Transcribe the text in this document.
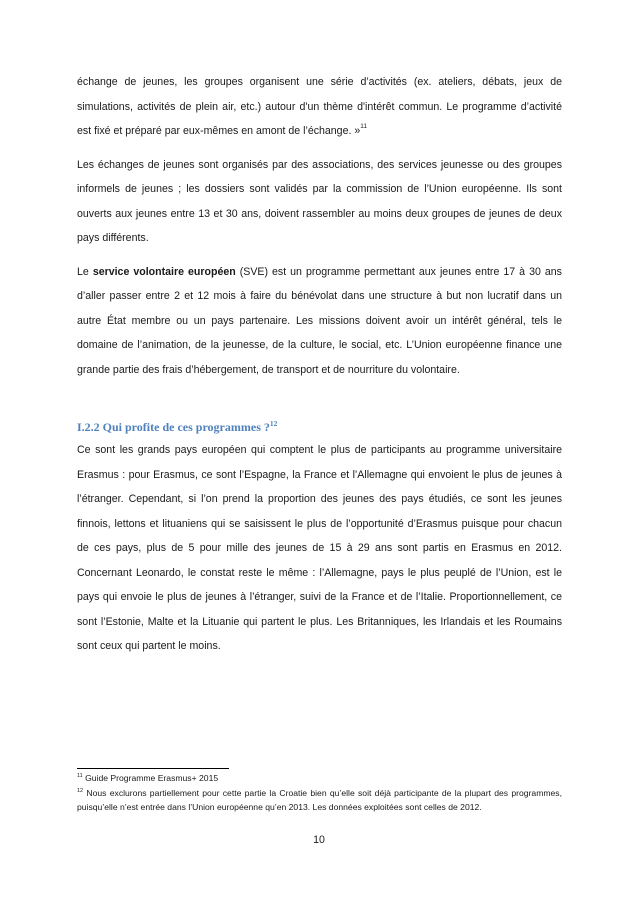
échange de jeunes, les groupes organisent une série d’activités (ex. ateliers, débats, jeux de simulations, activités de plein air, etc.) autour d'un thème d'intérêt commun. Le programme d’activité est fixé et préparé par eux-mêmes en amont de l’échange. »$^{11}$

Les échanges de jeunes sont organisés par des associations, des services jeunesse ou des groupes informels de jeunes ; les dossiers sont validés par la commission de l’Union européenne. Ils sont ouverts aux jeunes entre 13 et 30 ans, doivent rassembler au moins deux groupes de jeunes de deux pays différents.

Le service volontaire européen (SVE) est un programme permettant aux jeunes entre 17 à 30 ans d’aller passer entre 2 et 12 mois à faire du bénévolat dans une structure à but non lucratif dans un autre État membre ou un pays partenaire. Les missions doivent avoir un intérêt général, tels le domaine de l’animation, de la jeunesse, de la culture, le social, etc. L’Union européenne finance une grande partie des frais d’hébergement, de transport et de nourriture du volontaire.

I.2.2 Qui profite de ces programmes ?$^{12}$

Ce sont les grands pays européen qui comptent le plus de participants au programme universitaire Erasmus : pour Erasmus, ce sont l’Espagne, la France et l’Allemagne qui envoient le plus de jeunes à l’étranger. Cependant, si l’on prend la proportion des jeunes des pays étudiés, ce sont les jeunes finnois, lettons et lituaniens qui se saisissent le plus de l’opportunité d’Erasmus puisque pour chacun de ces pays, plus de 5 pour mille des jeunes de 15 à 29 ans sont partis en Erasmus en 2012. Concernant Leonardo, le constat reste le même : l’Allemagne, pays le plus peuplé de l’Union, est le pays qui envoie le plus de jeunes à l’étranger, suivi de la France et de l’Italie. Proportionnellement, ce sont l’Estonie, Malte et la Lituanie qui partent le plus. Les Britanniques, les Irlandais et les Roumains sont ceux qui partent le moins.

$^{11}$ Guide Programme Erasmus+ 2015

$^{12}$ Nous exclurons partiellement pour cette partie la Croatie bien qu’elle soit déjà participante de la plupart des programmes, puisqu’elle n’est entrée dans l’Union européenne qu’en 2013. Les données exploitées sont celles de 2012.

10
